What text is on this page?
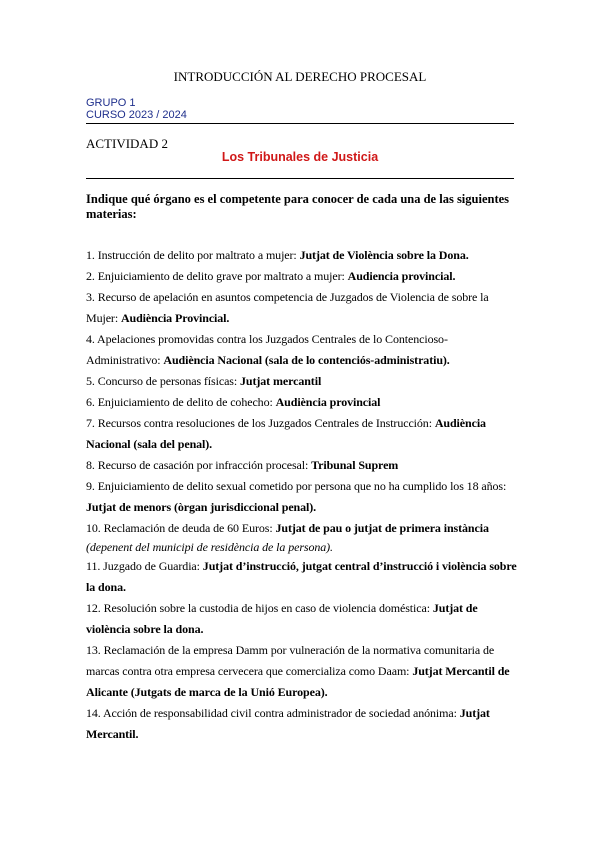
INTRODUCCIÓN AL DERECHO PROCESAL
GRUPO 1
CURSO 2023 / 2024
ACTIVIDAD 2
Los Tribunales de Justicia
Indique qué órgano es el competente para conocer de cada una de las siguientes materias:

1. Instrucción de delito por maltrato a mujer: Jutjat de Violència sobre la Dona.

2. Enjuiciamiento de delito grave por maltrato a mujer: Audiencia provincial.

3. Recurso de apelación en asuntos competencia de Juzgados de Violencia de sobre la Mujer: Audiència Provincial.

4. Apelaciones promovidas contra los Juzgados Centrales de lo Contencioso-Administrativo: Audiència Nacional (sala de lo contenciós-administratiu).

5. Concurso de personas físicas: Jutjat mercantil

6. Enjuiciamiento de delito de cohecho: Audiència provincial

7. Recursos contra resoluciones de los Juzgados Centrales de Instrucción: Audiència Nacional (sala del penal).

8. Recurso de casación por infracción procesal: Tribunal Suprem

9. Enjuiciamiento de delito sexual cometido por persona que no ha cumplido los 18 años: Jutjat de menors (òrgan jurisdiccional penal).

10. Reclamación de deuda de 60 Euros: Jutjat de pau o jutjat de primera instància
(depenent del municipi de residència de la persona).

11. Juzgado de Guardia: Jutjat d’instrucció, jutgat central d’instrucció i violència sobre la dona.

12. Resolución sobre la custodia de hijos en caso de violencia doméstica: Jutjat de violència sobre la dona.

13. Reclamación de la empresa Damm por vulneración de la normativa comunitaria de marcas contra otra empresa cervecera que comercializa como Daam: Jutjat Mercantil de Alicante (Jutgats de marca de la Unió Europea).

14. Acción de responsabilidad civil contra administrador de sociedad anónima: Jutjat Mercantil.
